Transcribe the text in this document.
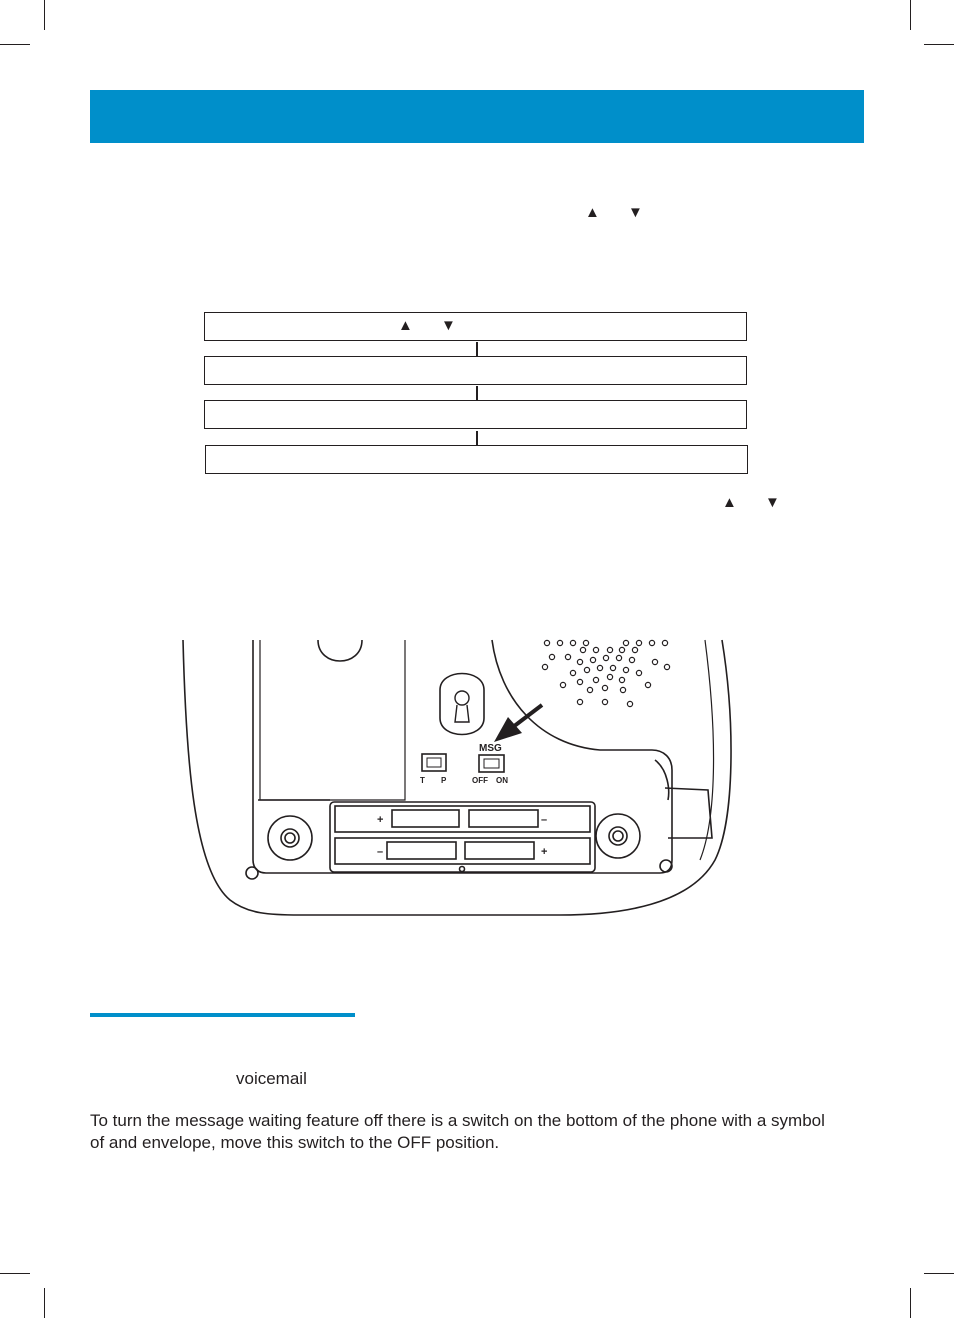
▲ ▼
▲ ▼
▲ ▼
MSG
T P	OFF ON
+	–
–	+
voicemail
To turn the message waiting feature off there is a switch on the bottom of the phone with a symbol
of and envelope, move this switch to the OFF position.
